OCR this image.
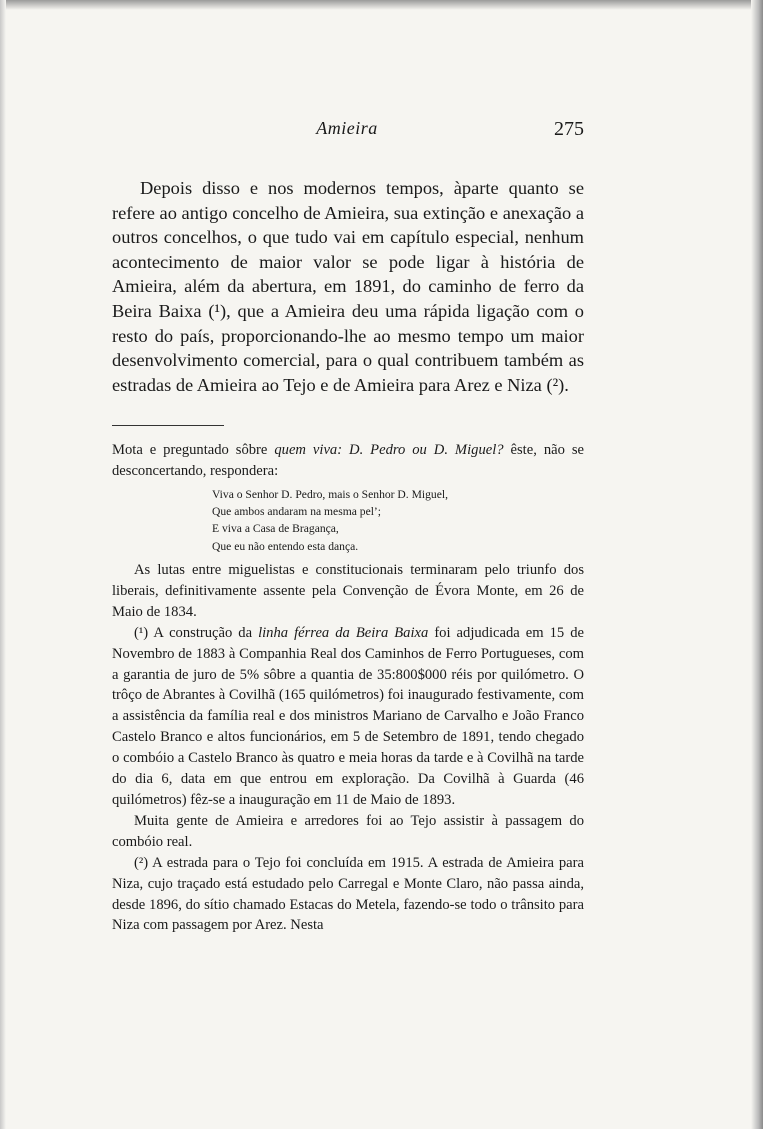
Amieira	275

Depois disso e nos modernos tempos, àparte quanto se refere ao antigo concelho de Amieira, sua extinção e anexação a outros concelhos, o que tudo vai em capítulo especial, nenhum acontecimento de maior valor se pode ligar à história de Amieira, além da abertura, em 1891, do caminho de ferro da Beira Baixa (¹), que a Amieira deu uma rápida ligação com o resto do país, proporcionando-lhe ao mesmo tempo um maior desenvolvimento comercial, para o qual contribuem também as estradas de Amieira ao Tejo e de Amieira para Arez e Niza (²).

Mota e preguntado sôbre quem viva: D. Pedro ou D. Miguel? êste, não se desconcertando, respondera:

Viva o Senhor D. Pedro, mais o Senhor D. Miguel,
Que ambos andaram na mesma pel’;
E viva a Casa de Bragança,
Que eu não entendo esta dança.

As lutas entre miguelistas e constitucionais terminaram pelo triunfo dos liberais, definitivamente assente pela Convenção de Évora Monte, em 26 de Maio de 1834.

(¹) A construção da linha férrea da Beira Baixa foi adjudicada em 15 de Novembro de 1883 à Companhia Real dos Caminhos de Ferro Portugueses, com a garantia de juro de 5% sôbre a quantia de 35:800$000 réis por quilómetro. O trôço de Abrantes à Covilhã (165 quilómetros) foi inaugurado festivamente, com a assistência da família real e dos ministros Mariano de Carvalho e João Franco Castelo Branco e altos funcionários, em 5 de Setembro de 1891, tendo chegado o combóio a Castelo Branco às quatro e meia horas da tarde e à Covilhã na tarde do dia 6, data em que entrou em exploração. Da Covilhã à Guarda (46 quilómetros) fêz-se a inauguração em 11 de Maio de 1893.

Muita gente de Amieira e arredores foi ao Tejo assistir à passagem do combóio real.

(²) A estrada para o Tejo foi concluída em 1915. A estrada de Amieira para Niza, cujo traçado está estudado pelo Carregal e Monte Claro, não passa ainda, desde 1896, do sítio chamado Estacas do Metela, fazendo-se todo o trânsito para Niza com passagem por Arez. Nesta
